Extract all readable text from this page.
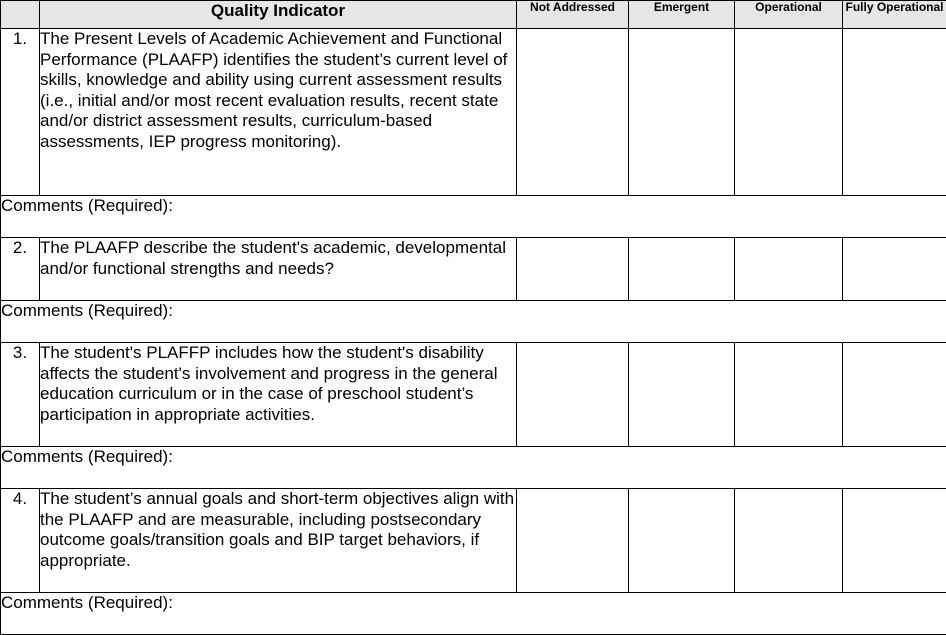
	Quality Indicator	Not Addressed	Emergent	Operational	Fully Operational
1.	The Present Levels of Academic Achievement and Functional Performance (PLAAFP) identifies the student’s current level of skills, knowledge and ability using current assessment results (i.e., initial and/or most recent evaluation results, recent state and/or district assessment results, curriculum-based assessments, IEP progress monitoring).				
Comments (Required):					
2.	The PLAAFP describe the student's academic, developmental and/or functional strengths and needs?				
Comments (Required):					
3.	The student's PLAFFP includes how the student's disability affects the student's involvement and progress in the general education curriculum or in the case of preschool student’s participation in appropriate activities.				
Comments (Required):					
4.	The student’s annual goals and short-term objectives align with the PLAAFP and are measurable, including postsecondary outcome goals/transition goals and BIP target behaviors, if appropriate.				
Comments (Required):					
